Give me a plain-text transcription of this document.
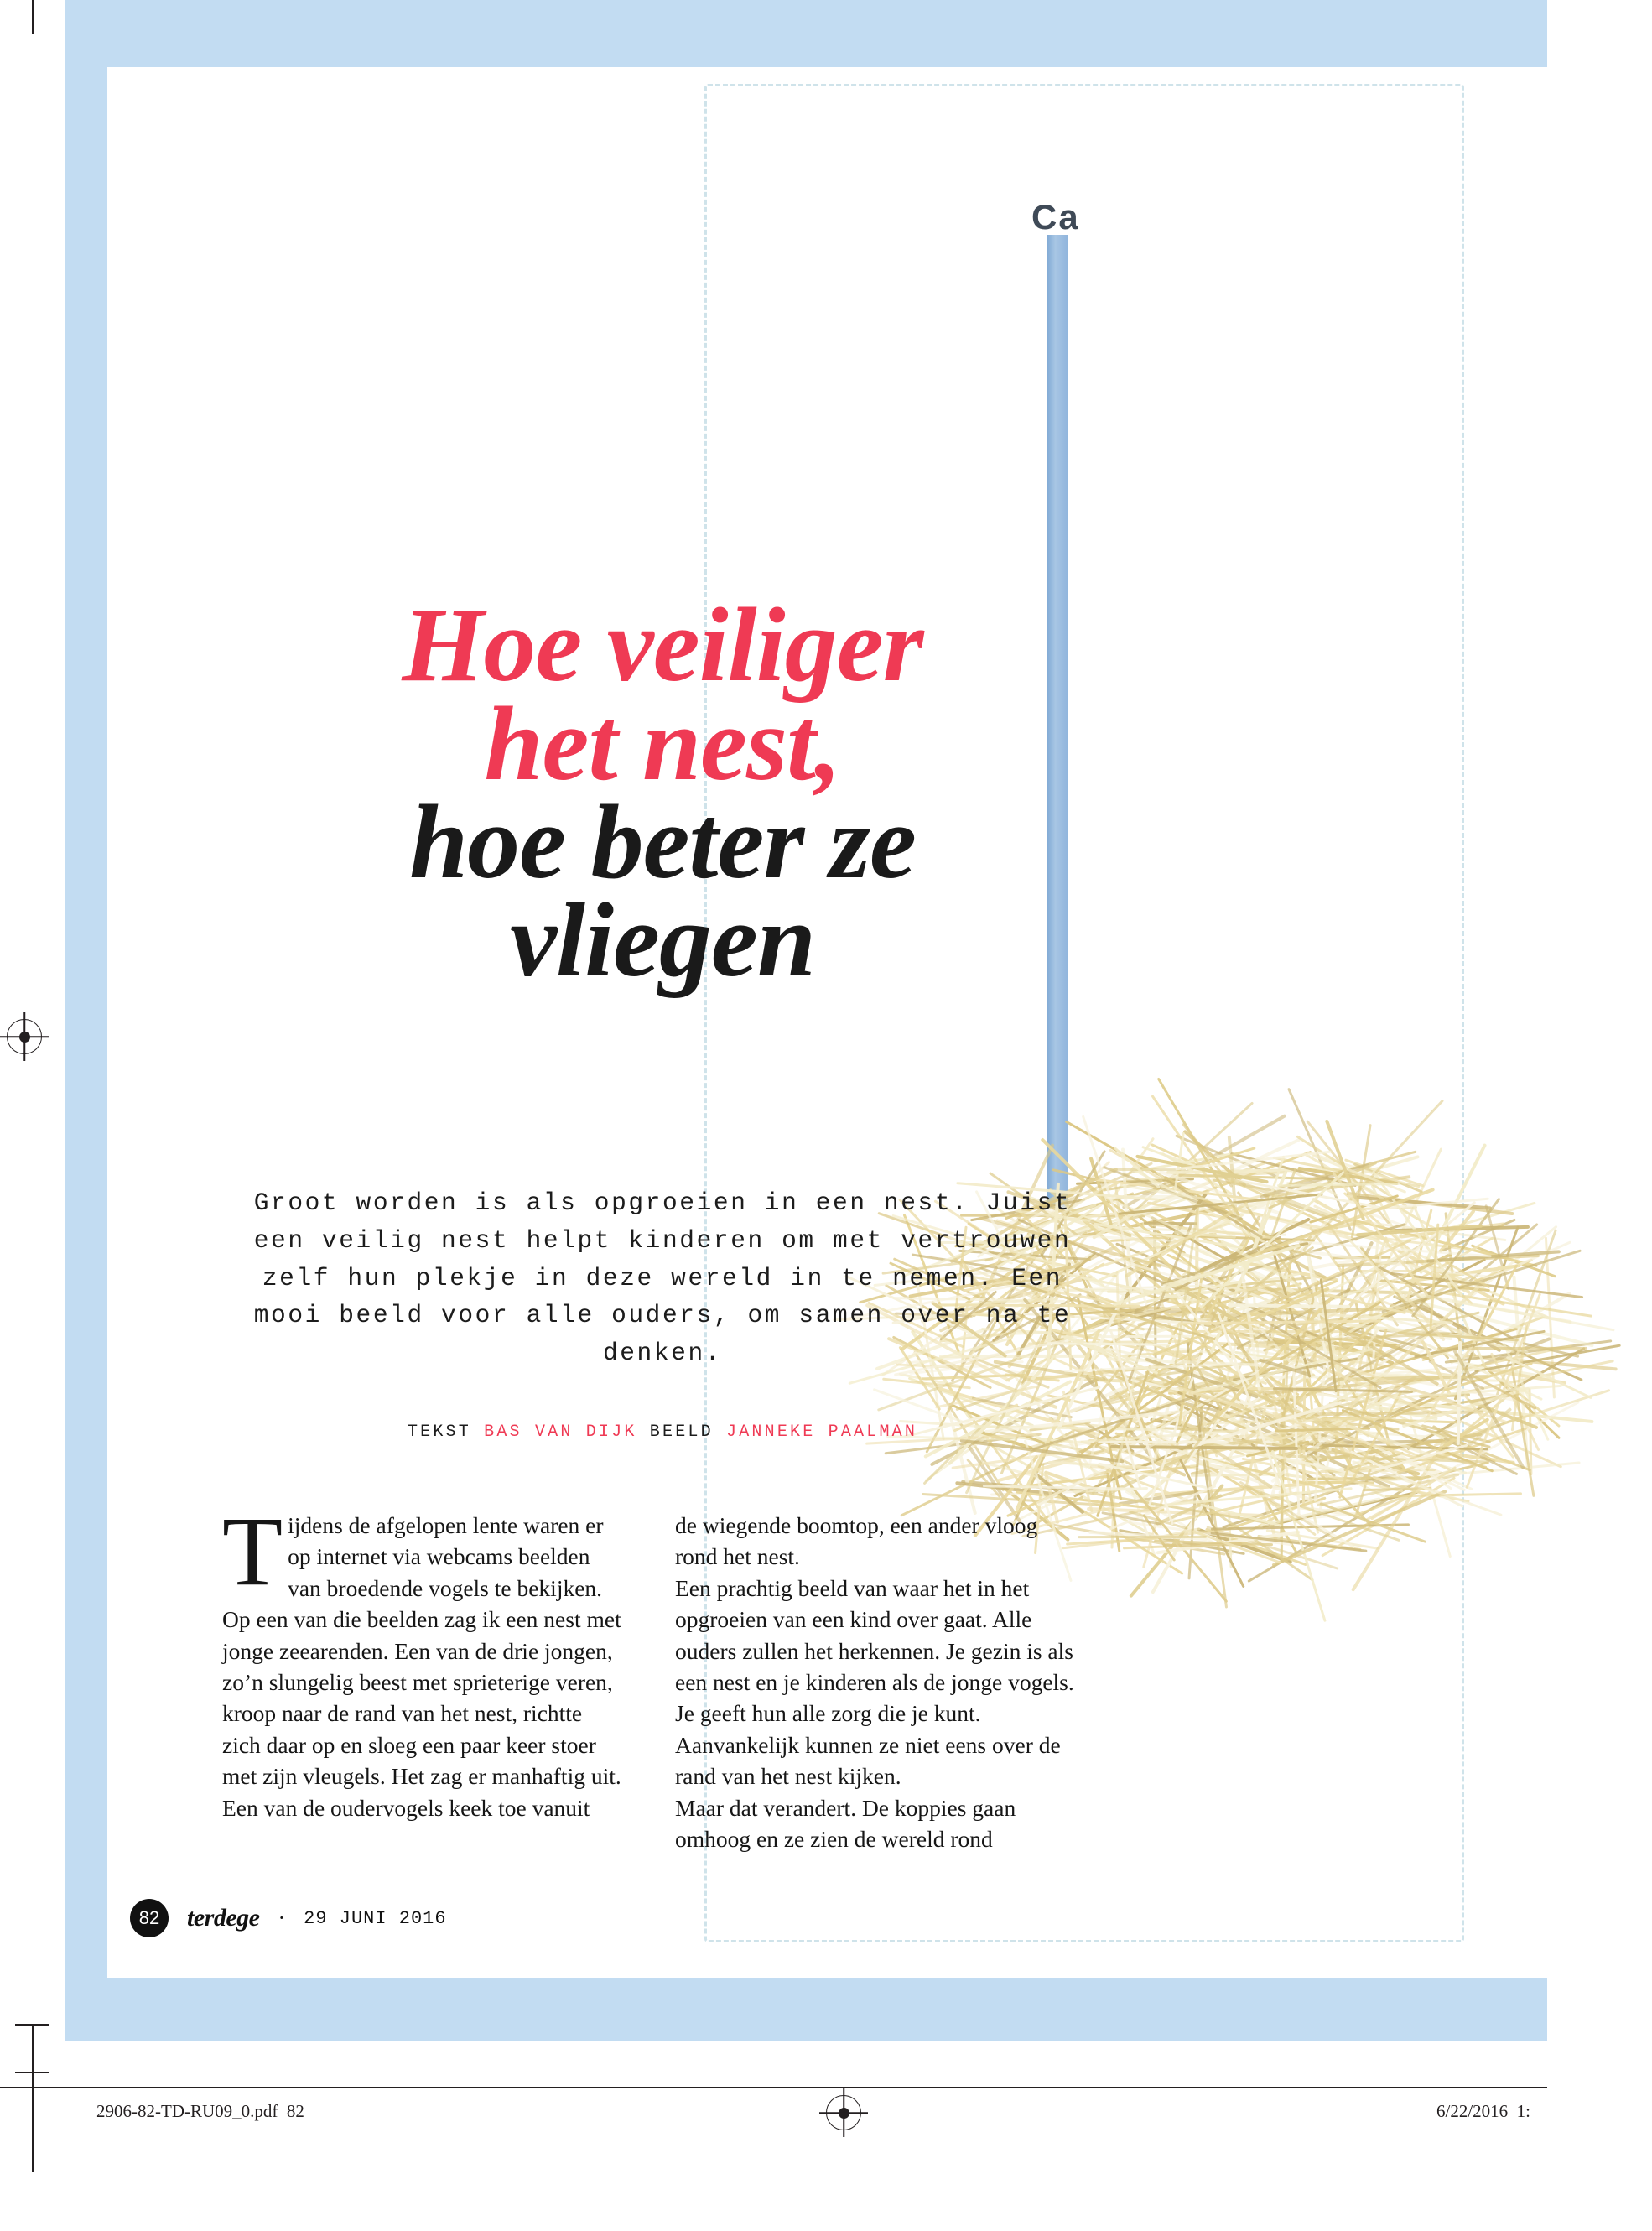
Ca
Hoe veiliger
het nest,
hoe beter ze
vliegen
Groot worden is als opgroeien in een nest. Juist een veilig nest helpt kinderen om met vertrouwen zelf hun plekje in deze wereld in te nemen. Een mooi beeld voor alle ouders, om samen over na te denken.
TEKST BAS VAN DIJK BEELD JANNEKE PAALMAN

Tijdens de afgelopen lente waren er op internet via webcams beelden van broedende vogels te bekijken. Op een van die beelden zag ik een nest met jonge zeearenden. Een van de drie jongen, zo’n slungelig beest met sprieterige veren, kroop naar de rand van het nest, richtte zich daar op en sloeg een paar keer stoer met zijn vleugels. Het zag er manhaftig uit. Een van de oudervogels keek toe vanuit

de wiegende boomtop, een ander vloog rond het nest.
Een prachtig beeld van waar het in het opgroeien van een kind over gaat. Alle ouders zullen het herkennen. Je gezin is als een nest en je kinderen als de jonge vogels. Je geeft hun alle zorg die je kunt. Aanvankelijk kunnen ze niet eens over de rand van het nest kijken.
Maar dat verandert. De koppies gaan omhoog en ze zien de wereld rond

82	terdege · 29 JUNI 2016
2906-82-TD-RU09_0.pdf 82	6/22/2016 1:
